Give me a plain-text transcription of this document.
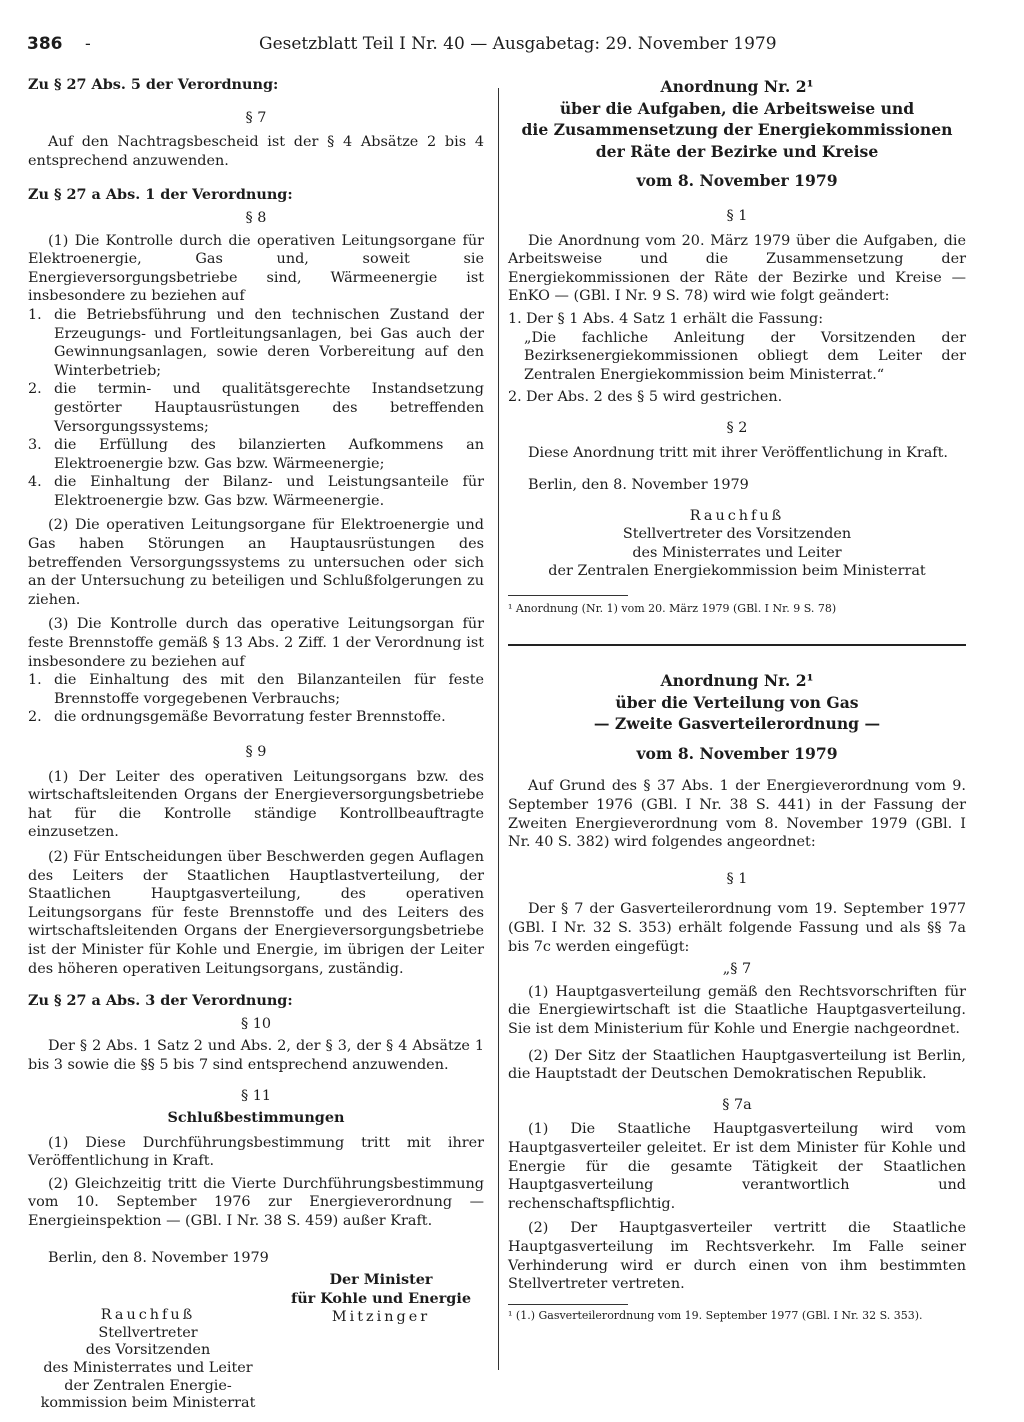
386 -	Gesetzblatt Teil I Nr. 40 — Ausgabetag: 29. November 1979

Zu § 27 Abs. 5 der Verordnung:

§ 7

Auf den Nachtragsbescheid ist der § 4 Absätze 2 bis 4 entsprechend anzuwenden.

Zu § 27 a Abs. 1 der Verordnung:

§ 8

(1) Die Kontrolle durch die operativen Leitungsorgane für Elektroenergie, Gas und, soweit sie Energieversorgungsbetriebe sind, Wärmeenergie ist insbesondere zu beziehen auf

1. die Betriebsführung und den technischen Zustand der Erzeugungs- und Fortleitungsanlagen, bei Gas auch der Gewinnungsanlagen, sowie deren Vorbereitung auf den Winterbetrieb;
2. die termin- und qualitätsgerechte Instandsetzung gestörter Hauptausrüstungen des betreffenden Versorgungssystems;
3. die Erfüllung des bilanzierten Aufkommens an Elektroenergie bzw. Gas bzw. Wärmeenergie;
4. die Einhaltung der Bilanz- und Leistungsanteile für Elektroenergie bzw. Gas bzw. Wärmeenergie.

(2) Die operativen Leitungsorgane für Elektroenergie und Gas haben Störungen an Hauptausrüstungen des betreffenden Versorgungssystems zu untersuchen oder sich an der Untersuchung zu beteiligen und Schlußfolgerungen zu ziehen.

(3) Die Kontrolle durch das operative Leitungsorgan für feste Brennstoffe gemäß § 13 Abs. 2 Ziff. 1 der Verordnung ist insbesondere zu beziehen auf

1. die Einhaltung des mit den Bilanzanteilen für feste Brennstoffe vorgegebenen Verbrauchs;
2. die ordnungsgemäße Bevorratung fester Brennstoffe.

§ 9

(1) Der Leiter des operativen Leitungsorgans bzw. des wirtschaftsleitenden Organs der Energieversorgungsbetriebe hat für die Kontrolle ständige Kontrollbeauftragte einzusetzen.

(2) Für Entscheidungen über Beschwerden gegen Auflagen des Leiters der Staatlichen Hauptlastverteilung, der Staatlichen Hauptgasverteilung, des operativen Leitungsorgans für feste Brennstoffe und des Leiters des wirtschaftsleitenden Organs der Energieversorgungsbetriebe ist der Minister für Kohle und Energie, im übrigen der Leiter des höheren operativen Leitungsorgans, zuständig.

Zu § 27 a Abs. 3 der Verordnung:

§ 10

Der § 2 Abs. 1 Satz 2 und Abs. 2, der § 3, der § 4 Absätze 1 bis 3 sowie die §§ 5 bis 7 sind entsprechend anzuwenden.

§ 11

Schlußbestimmungen

(1) Diese Durchführungsbestimmung tritt mit ihrer Veröffentlichung in Kraft.

(2) Gleichzeitig tritt die Vierte Durchführungsbestimmung vom 10. September 1976 zur Energieverordnung — Energieinspektion — (GBl. I Nr. 38 S. 459) außer Kraft.

Berlin, den 8. November 1979

Rauchfuß
Stellvertreter
des Vorsitzenden
des Ministerrates und Leiter
der Zentralen Energie-
kommission beim Ministerrat
Der Minister
für Kohle und Energie
Mitzinger
Anordnung Nr. 2¹
über die Aufgaben, die Arbeitsweise und
die Zusammensetzung der Energiekommissionen
der Räte der Bezirke und Kreise

vom 8. November 1979

§ 1

Die Anordnung vom 20. März 1979 über die Aufgaben, die Arbeitsweise und die Zusammensetzung der Energiekommissionen der Räte der Bezirke und Kreise — EnKO — (GBl. I Nr. 9 S. 78) wird wie folgt geändert:

1. Der § 1 Abs. 4 Satz 1 erhält die Fassung:

„Die fachliche Anleitung der Vorsitzenden der Bezirksenergiekommissionen obliegt dem Leiter der Zentralen Energiekommission beim Ministerrat.“

2. Der Abs. 2 des § 5 wird gestrichen.

§ 2

Diese Anordnung tritt mit ihrer Veröffentlichung in Kraft.

Berlin, den 8. November 1979

Rauchfuß
Stellvertreter des Vorsitzenden
des Ministerrates und Leiter
der Zentralen Energiekommission beim Ministerrat

¹ Anordnung (Nr. 1) vom 20. März 1979 (GBl. I Nr. 9 S. 78)

Anordnung Nr. 2¹
über die Verteilung von Gas
— Zweite Gasverteilerordnung —

vom 8. November 1979

Auf Grund des § 37 Abs. 1 der Energieverordnung vom 9. September 1976 (GBl. I Nr. 38 S. 441) in der Fassung der Zweiten Energieverordnung vom 8. November 1979 (GBl. I Nr. 40 S. 382) wird folgendes angeordnet:

§ 1

Der § 7 der Gasverteilerordnung vom 19. September 1977 (GBl. I Nr. 32 S. 353) erhält folgende Fassung und als §§ 7a bis 7c werden eingefügt:

„§ 7

(1) Hauptgasverteilung gemäß den Rechtsvorschriften für die Energiewirtschaft ist die Staatliche Hauptgasverteilung. Sie ist dem Ministerium für Kohle und Energie nachgeordnet.

(2) Der Sitz der Staatlichen Hauptgasverteilung ist Berlin, die Hauptstadt der Deutschen Demokratischen Republik.

§ 7a

(1) Die Staatliche Hauptgasverteilung wird vom Hauptgasverteiler geleitet. Er ist dem Minister für Kohle und Energie für die gesamte Tätigkeit der Staatlichen Hauptgasverteilung verantwortlich und rechenschaftspflichtig.

(2) Der Hauptgasverteiler vertritt die Staatliche Hauptgasverteilung im Rechtsverkehr. Im Falle seiner Verhinderung wird er durch einen von ihm bestimmten Stellvertreter vertreten.

¹ (1.) Gasverteilerordnung vom 19. September 1977 (GBl. I Nr. 32 S. 353).
